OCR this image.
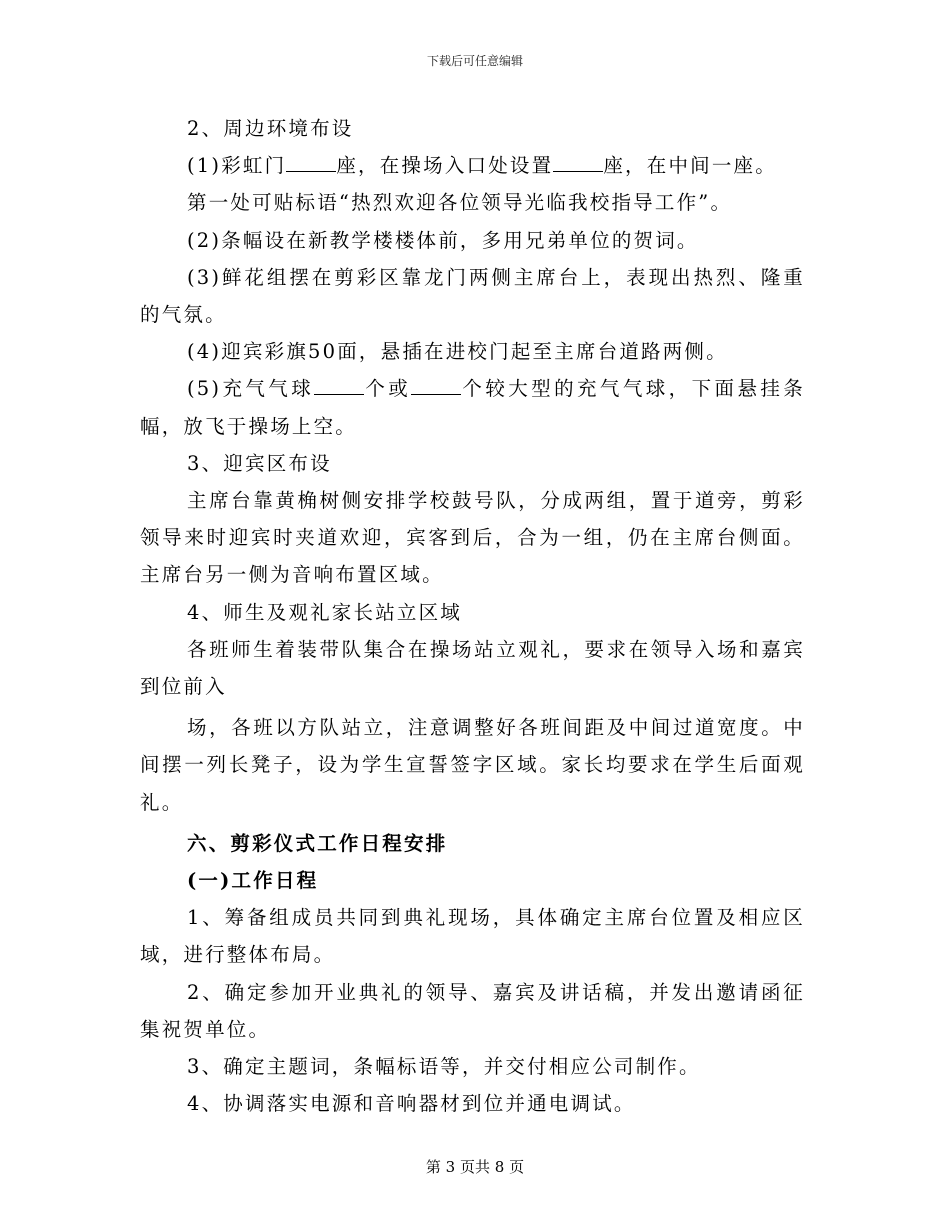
下载后可任意编辑

2、周边环境布设

(1)彩虹门	座，在操场入口处设置	座，在中间一座。

第一处可贴标语“热烈欢迎各位领导光临我校指导工作”。

(2)条幅设在新教学楼楼体前，多用兄弟单位的贺词。

(3)鲜花组摆在剪彩区靠龙门两侧主席台上，表现出热烈、隆重的气氛。

(4)迎宾彩旗50面，悬插在进校门起至主席台道路两侧。

(5)充气气球	个或	个较大型的充气气球，下面悬挂条幅，放飞于操场上空。

3、迎宾区布设

主席台靠黄桷树侧安排学校鼓号队，分成两组，置于道旁，剪彩领导来时迎宾时夹道欢迎，宾客到后，合为一组，仍在主席台侧面。主席台另一侧为音响布置区域。

4、师生及观礼家长站立区域

各班师生着装带队集合在操场站立观礼，要求在领导入场和嘉宾到位前入

场，各班以方队站立，注意调整好各班间距及中间过道宽度。中间摆一列长凳子，设为学生宣誓签字区域。家长均要求在学生后面观礼。

六、剪彩仪式工作日程安排

(一)工作日程

1、筹备组成员共同到典礼现场，具体确定主席台位置及相应区域，进行整体布局。

2、确定参加开业典礼的领导、嘉宾及讲话稿，并发出邀请函征集祝贺单位。

3、确定主题词，条幅标语等，并交付相应公司制作。

4、协调落实电源和音响器材到位并通电调试。

第 3 页共 8 页
